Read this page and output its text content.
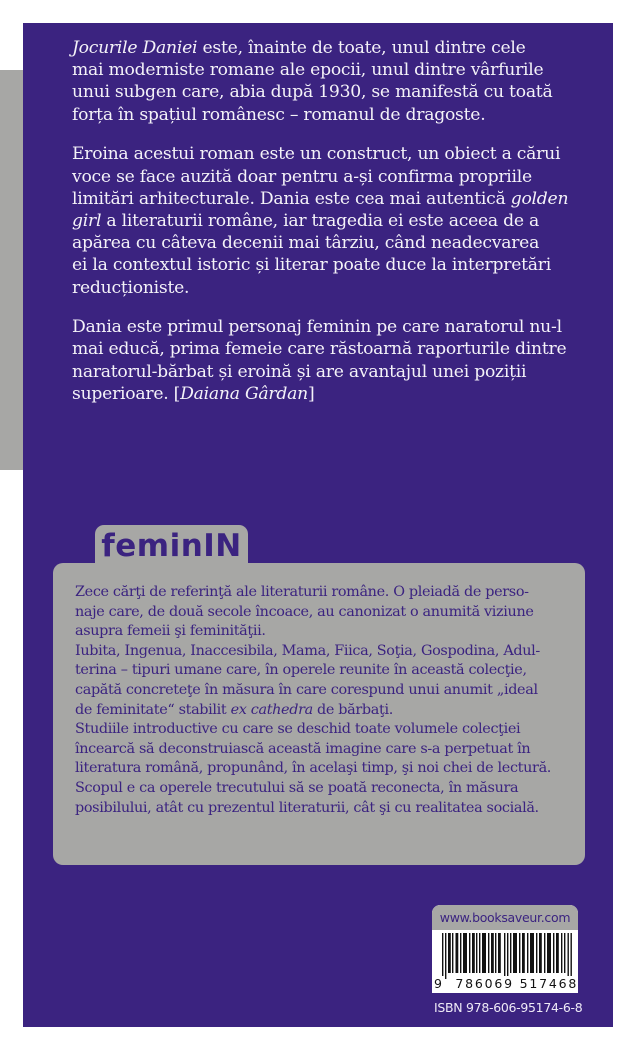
Jocurile Daniei este, înainte de toate, unul dintre cele
mai moderniste romane ale epocii, unul dintre vârfurile
unui subgen care, abia după 1930, se manifestă cu toată
forța în spațiul românesc – romanul de dragoste.

Eroina acestui roman este un construct, un obiect a cărui
voce se face auzită doar pentru a-și confirma propriile
limitări arhitecturale. Dania este cea mai autentică golden
girl a literaturii române, iar tragedia ei este aceea de a
apărea cu câteva decenii mai târziu, când neadecvarea
ei la contextul istoric și literar poate duce la interpretări
reducționiste.

Dania este primul personaj feminin pe care naratorul nu-l
mai educă, prima femeie care răstoarnă raporturile dintre
naratorul-bărbat și eroină și are avantajul unei poziții
superioare. [Daiana Gârdan]

feminIN
Zece cărţi de referinţă ale literaturii române. O pleiadă de perso-
naje care, de două secole încoace, au canonizat o anumită viziune
asupra femeii şi feminităţii.
Iubita, Ingenua, Inaccesibila, Mama, Fiica, Soţia, Gospodina, Adul-
terina – tipuri umane care, în operele reunite în această colecţie,
capătă concreteţe în măsura în care corespund unui anumit „ideal
de feminitate“ stabilit ex cathedra de bărbaţi.
Studiile introductive cu care se deschid toate volumele colecţiei
încearcă să deconstruiască această imagine care s-a perpetuat în
literatura română, propunând, în acelaşi timp, şi noi chei de lectură.
Scopul e ca operele trecutului să se poată reconecta, în măsura
posibilului, atât cu prezentul literaturii, cât şi cu realitatea socială.
www.booksaveur.com
9 786069 517468
ISBN 978-606-95174-6-8
